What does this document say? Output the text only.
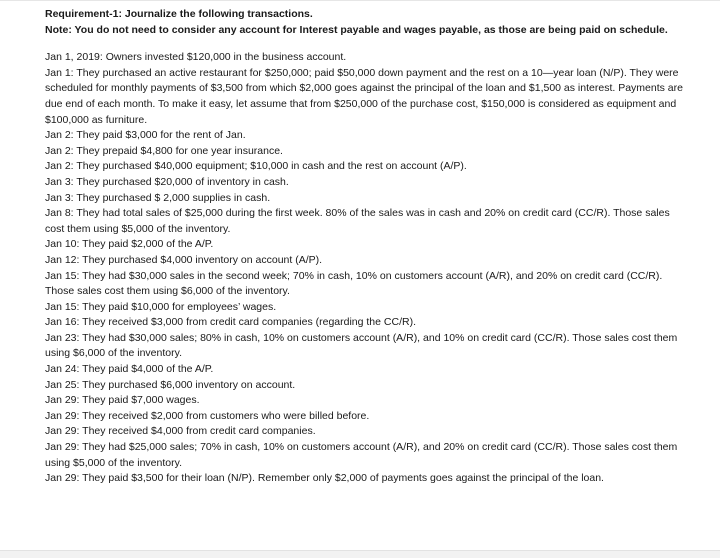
Requirement-1: Journalize the following transactions.

Note: You do not need to consider any account for Interest payable and wages payable, as those are being paid on schedule.

Jan 1, 2019: Owners invested $120,000 in the business account.

Jan 1: They purchased an active restaurant for $250,000; paid $50,000 down payment and the rest on a 10—year loan (N/P). They were scheduled for monthly payments of $3,500 from which $2,000 goes against the principal of the loan and $1,500 as interest. Payments are due end of each month. To make it easy, let assume that from $250,000 of the purchase cost, $150,000 is considered as equipment and $100,000 as furniture.

Jan 2: They paid $3,000 for the rent of Jan.

Jan 2: They prepaid $4,800 for one year insurance.

Jan 2: They purchased $40,000 equipment; $10,000 in cash and the rest on account (A/P).

Jan 3: They purchased $20,000 of inventory in cash.

Jan 3: They purchased $ 2,000 supplies in cash.

Jan 8: They had total sales of $25,000 during the first week. 80% of the sales was in cash and 20% on credit card (CC/R). Those sales cost them using $5,000 of the inventory.

Jan 10: They paid $2,000 of the A/P.

Jan 12: They purchased $4,000 inventory on account (A/P).

Jan 15: They had $30,000 sales in the second week; 70% in cash, 10% on customers account (A/R), and 20% on credit card (CC/R). Those sales cost them using $6,000 of the inventory.

Jan 15: They paid $10,000 for employees’ wages.

Jan 16: They received $3,000 from credit card companies (regarding the CC/R).

Jan 23: They had $30,000 sales; 80% in cash, 10% on customers account (A/R), and 10% on credit card (CC/R). Those sales cost them using $6,000 of the inventory.

Jan 24: They paid $4,000 of the A/P.

Jan 25: They purchased $6,000 inventory on account.

Jan 29: They paid $7,000 wages.

Jan 29: They received $2,000 from customers who were billed before.

Jan 29: They received $4,000 from credit card companies.

Jan 29: They had $25,000 sales; 70% in cash, 10% on customers account (A/R), and 20% on credit card (CC/R). Those sales cost them using $5,000 of the inventory.

Jan 29: They paid $3,500 for their loan (N/P). Remember only $2,000 of payments goes against the principal of the loan.
